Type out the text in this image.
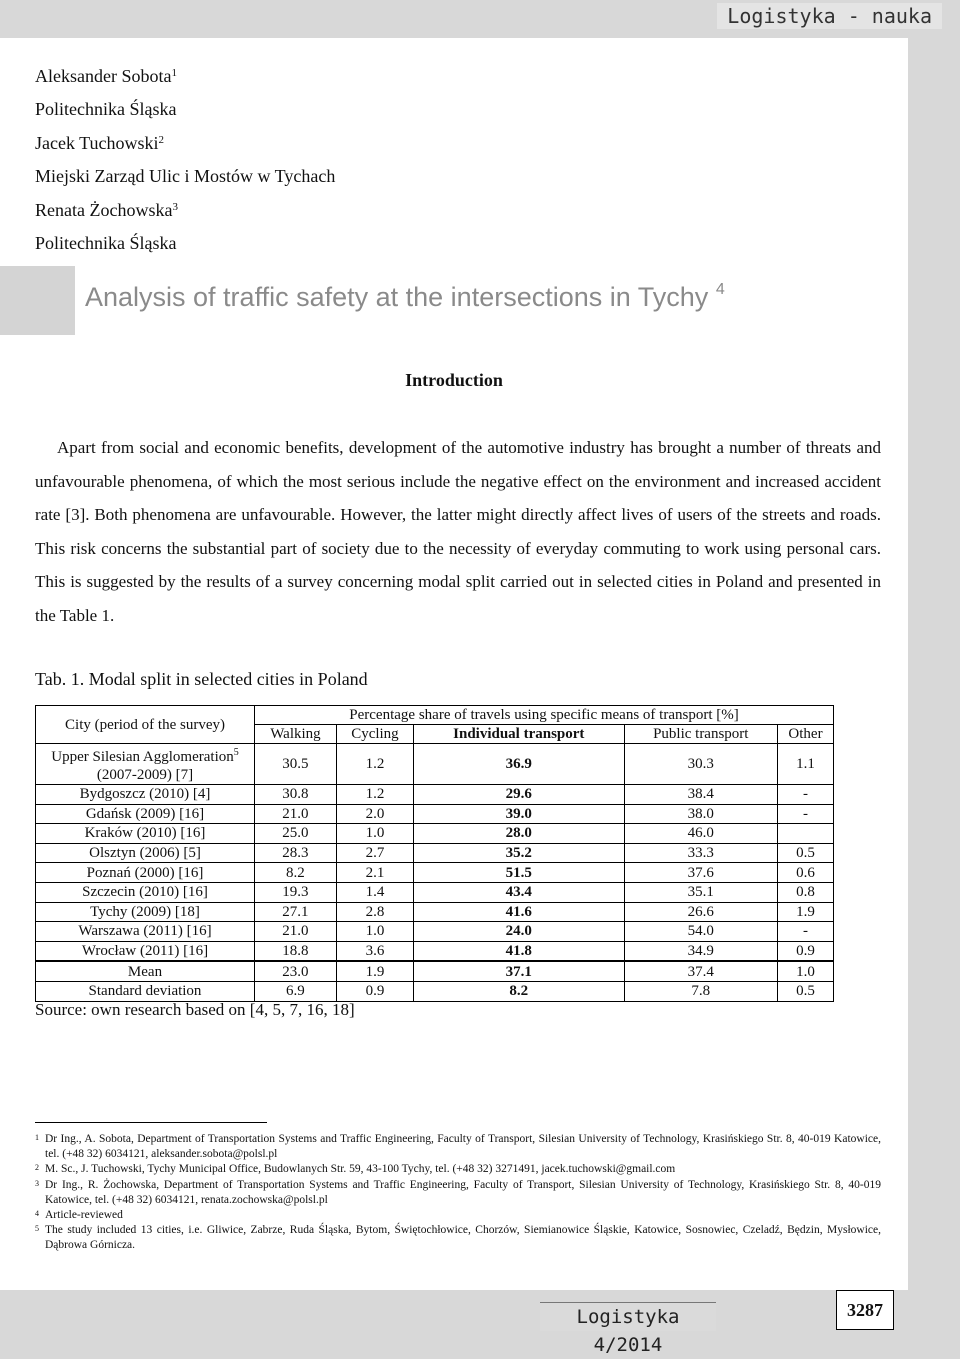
Logistyka - nauka
Aleksander Sobota$^1$
Politechnika Śląska
Jacek Tuchowski$^2$
Miejski Zarząd Ulic i Mostów w Tychach
Renata Żochowska$^3$
Politechnika Śląska
Analysis of traffic safety at the intersections in Tychy $^4$
Introduction
Apart from social and economic benefits, development of the automotive industry has brought a number of threats and unfavourable phenomena, of which the most serious include the negative effect on the environment and increased accident rate [3]. Both phenomena are unfavourable. However, the latter might directly affect lives of users of the streets and roads. This risk concerns the substantial part of society due to the necessity of everyday commuting to work using personal cars. This is suggested by the results of a survey concerning modal split carried out in selected cities in Poland and presented in the Table 1.
Tab. 1. Modal split in selected cities in Poland
City (period of the survey)	Percentage share of travels using specific means of transport [%]				
	Walking	Cycling	Individual transport	Public transport	Other
Upper Silesian Agglomeration$^5$
(2007-2009) [7]	30.5	1.2	36.9	30.3	1.1
Bydgoszcz (2010) [4]	30.8	1.2	29.6	38.4	-
Gdańsk (2009) [16]	21.0	2.0	39.0	38.0	-
Kraków (2010) [16]	25.0	1.0	28.0	46.0	
Olsztyn (2006) [5]	28.3	2.7	35.2	33.3	0.5
Poznań (2000) [16]	8.2	2.1	51.5	37.6	0.6
Szczecin (2010) [16]	19.3	1.4	43.4	35.1	0.8
Tychy (2009) [18]	27.1	2.8	41.6	26.6	1.9
Warszawa (2011) [16]	21.0	1.0	24.0	54.0	-
Wrocław (2011) [16]	18.8	3.6	41.8	34.9	0.9
Mean	23.0	1.9	37.1	37.4	1.0
Standard deviation	6.9	0.9	8.2	7.8	0.5
Source: own research based on [4, 5, 7, 16, 18]
1 Dr Ing., A. Sobota, Department of Transportation Systems and Traffic Engineering, Faculty of Transport, Silesian University of Technology, Krasińskiego Str. 8, 40-019 Katowice, tel. (+48 32) 6034121, aleksander.sobota@polsl.pl
2 M. Sc., J. Tuchowski, Tychy Municipal Office, Budowlanych Str. 59, 43-100 Tychy, tel. (+48 32) 3271491, jacek.tuchowski@gmail.com
3 Dr Ing., R. Żochowska, Department of Transportation Systems and Traffic Engineering, Faculty of Transport, Silesian University of Technology, Krasińskiego Str. 8, 40-019 Katowice, tel. (+48 32) 6034121, renata.zochowska@polsl.pl
4 Article-reviewed
5 The study included 13 cities, i.e. Gliwice, Zabrze, Ruda Śląska, Bytom, Świętochłowice, Chorzów, Siemianowice Śląskie, Katowice, Sosnowiec, Czeladź, Będzin, Mysłowice, Dąbrowa Górnicza.
Logistyka 4/2014
3287
